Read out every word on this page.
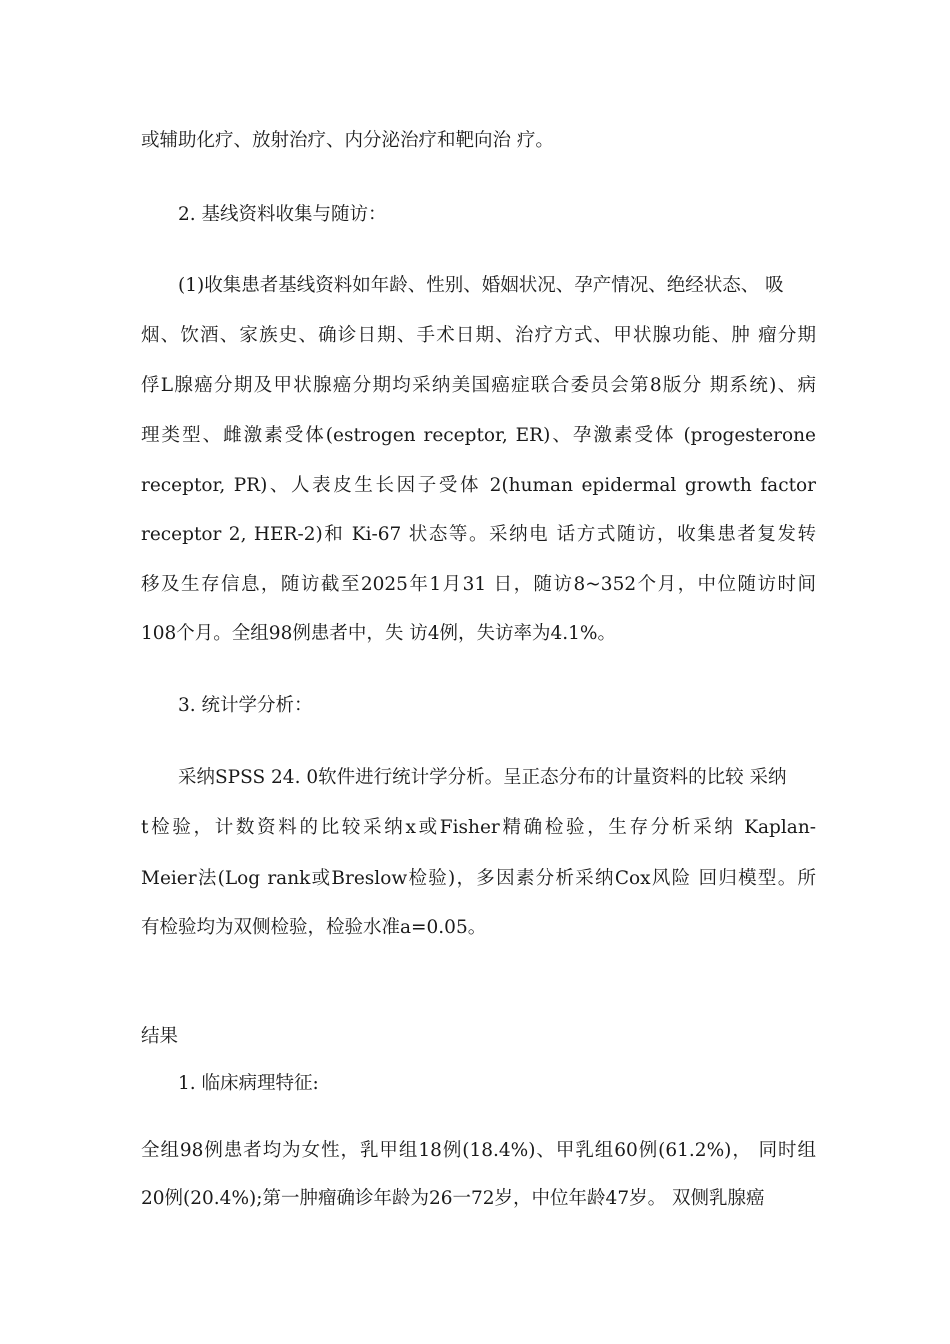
或辅助化疗、放射治疗、内分泌治疗和靶向治 疗。
2. 基线资料收集与随访：
(1)收集患者基线资料如年龄、性别、婚姻状况、孕产情况、绝经状态、 吸
烟、饮酒、家族史、确诊日期、手术日期、治疗方式、甲状腺功能、肿 瘤分期
俘L腺癌分期及甲状腺癌分期均采纳美国癌症联合委员会第8版分 期系统)、病
理类型、雌激素受体(estrogen receptor, ER)、孕激素受体 (progesterone
receptor, PR)、人表皮生长因子受体 2(human epidermal growth factor
receptor 2, HER-2)和 Ki-67 状态等。采纳电 话方式随访，收集患者复发转
移及生存信息，随访截至2025年1月31 日，随访8~352个月，中位随访时间
108个月。全组98例患者中，失 访4例，失访率为4.1%。
3. 统计学分析：
采纳SPSS 24. 0软件进行统计学分析。呈正态分布的计量资料的比较 采纳
t检验，计数资料的比较采纳x或Fisher精确检验，生存分析采纳 Kaplan-
Meier法(Log rank或Breslow检验)，多因素分析采纳Cox风险 回归模型。所
有检验均为双侧检验，检验水准a=0.05。
结果
1. 临床病理特征:
全组98例患者均为女性，乳甲组18例(18.4%)、甲乳组60例(61.2%)， 同时组
20例(20.4%);第一肿瘤确诊年龄为26一72岁，中位年龄47岁。 双侧乳腺癌
